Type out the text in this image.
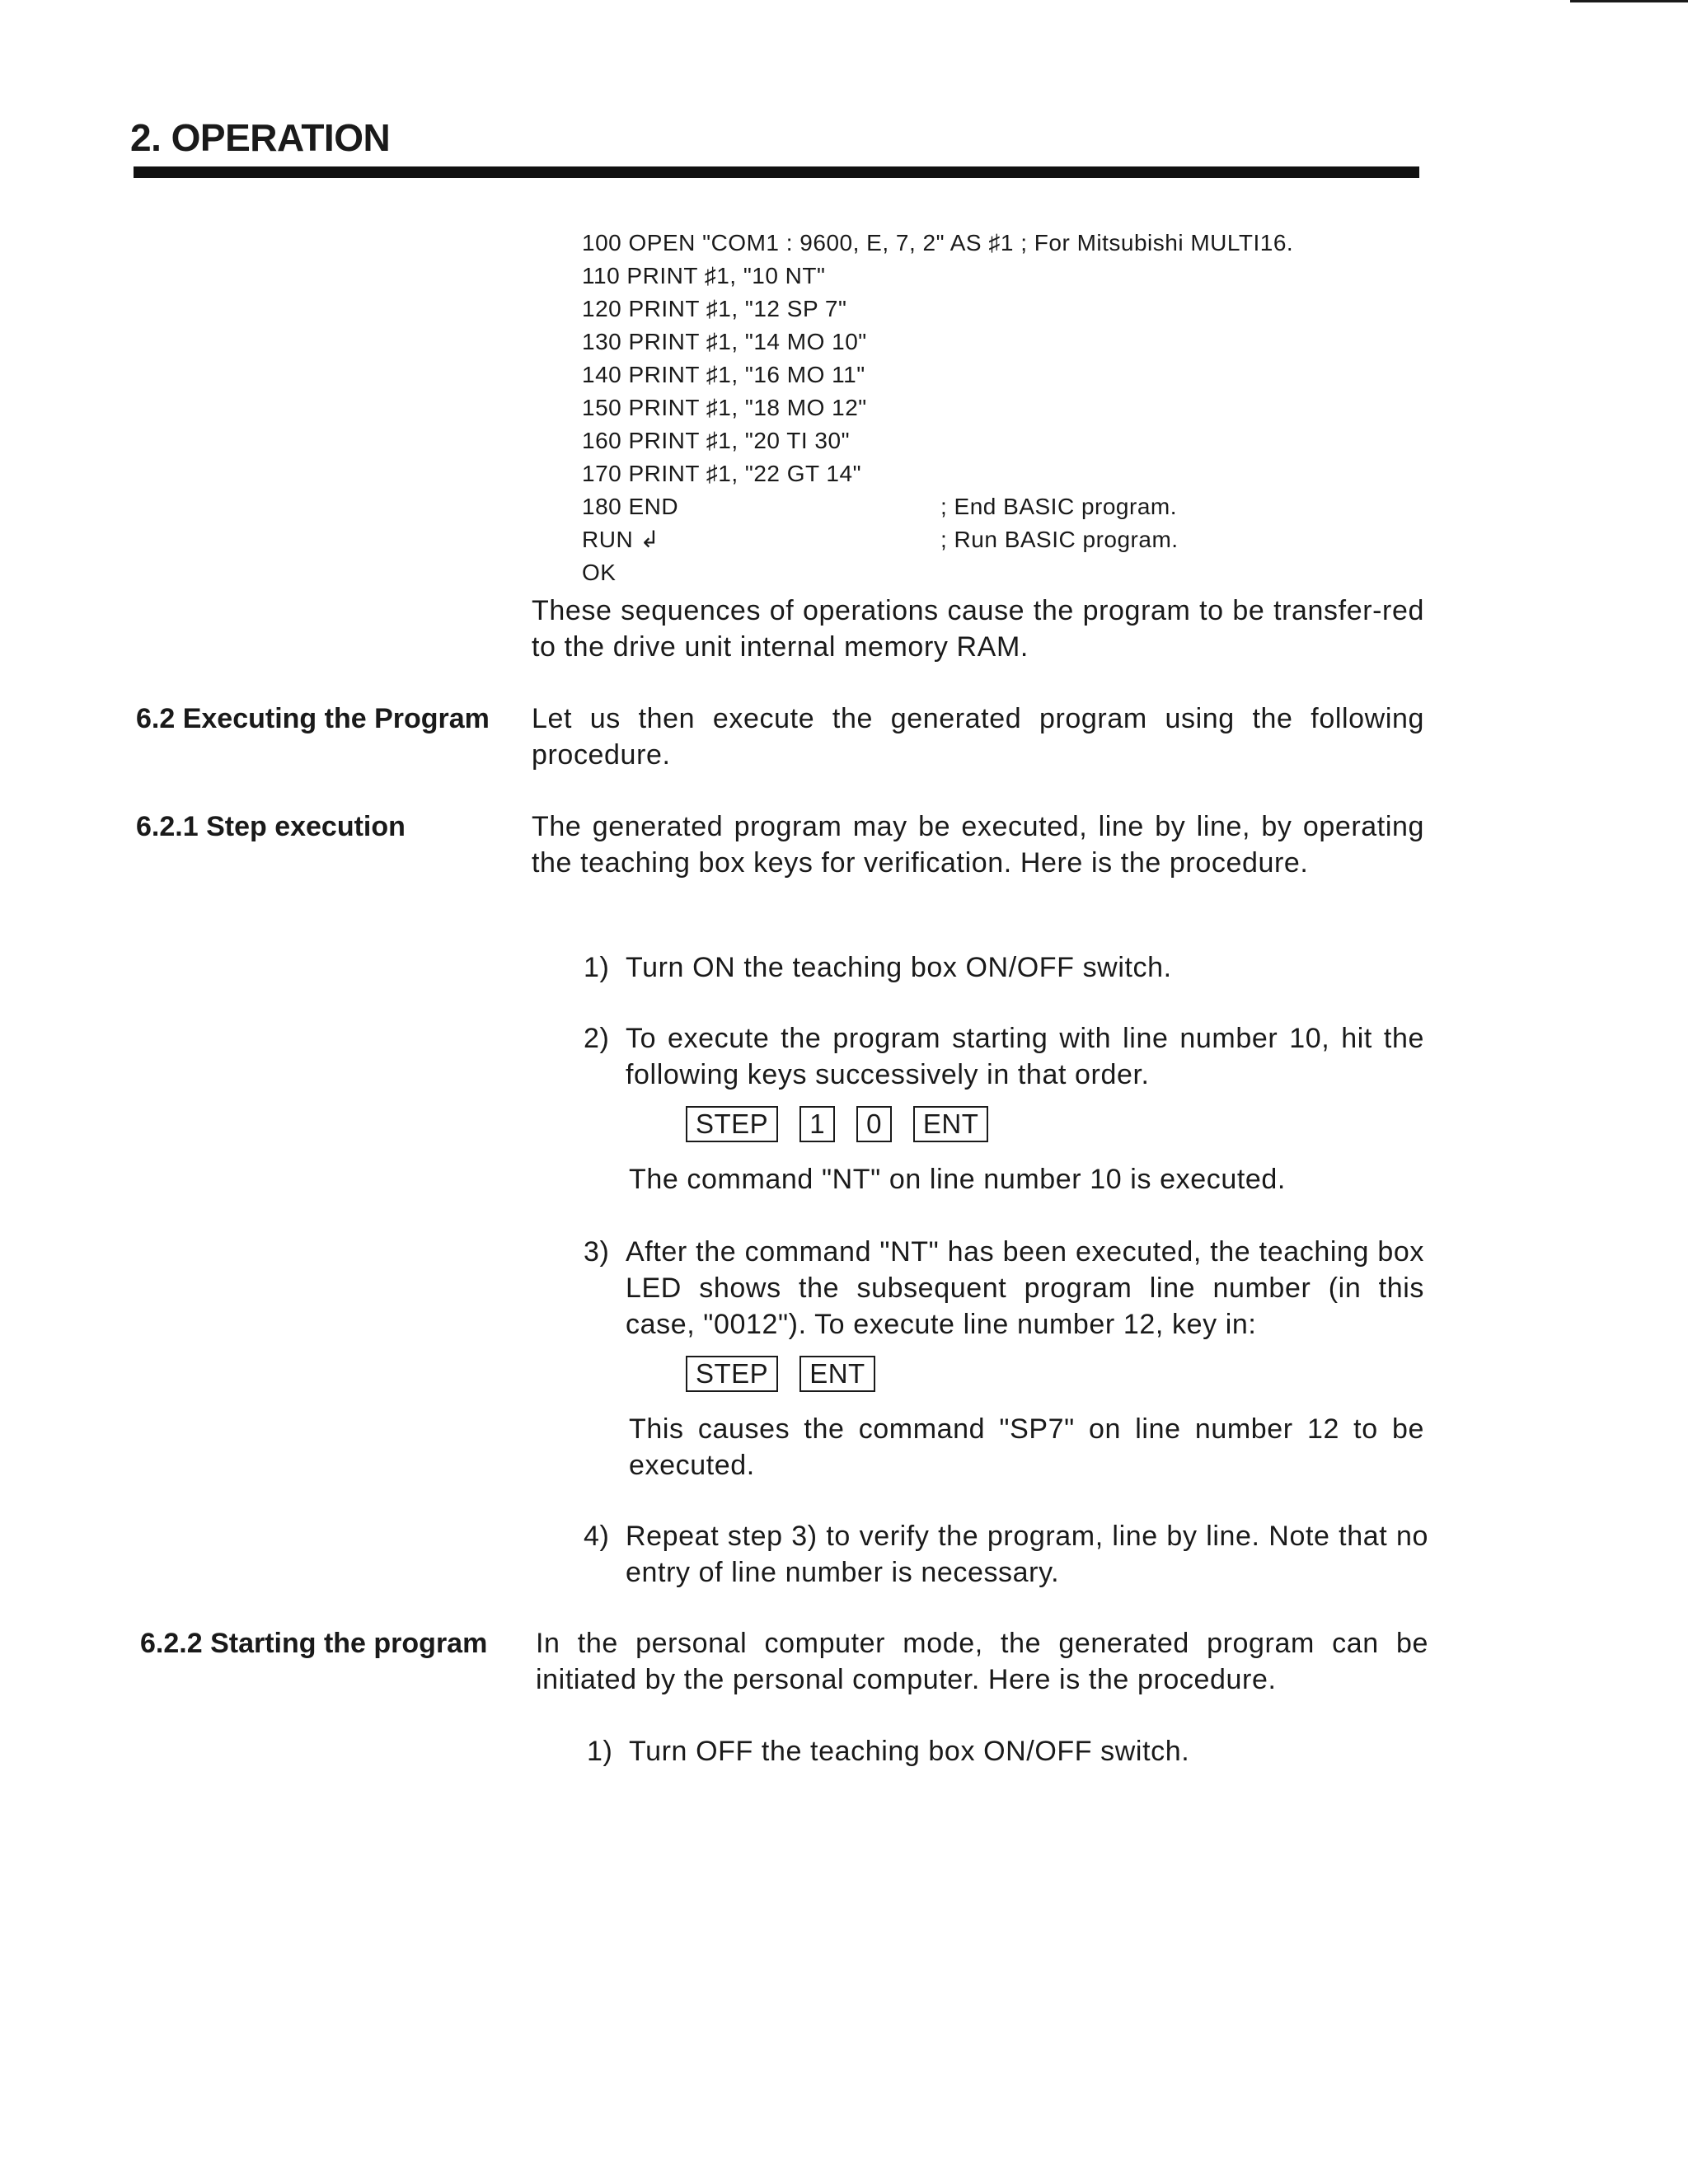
2. OPERATION
100 OPEN "COM1 : 9600, E, 7, 2" AS ♯1 ; For Mitsubishi MULTI16.
110 PRINT ♯1, "10 NT"
120 PRINT ♯1, "12 SP 7"
130 PRINT ♯1, "14 MO 10"
140 PRINT ♯1, "16 MO 11"
150 PRINT ♯1, "18 MO 12"
160 PRINT ♯1, "20 TI 30"
170 PRINT ♯1, "22 GT 14"
180 END	; End BASIC program.
RUN ↲	; Run BASIC program.
OK
These sequences of operations cause the program to be transfer-red to the drive unit internal memory RAM.
6.2 Executing the Program Let us then execute the generated program using the following procedure.
6.2.1 Step execution	The generated program may be executed, line by line, by operating the teaching box keys for verification. Here is the procedure.
1) Turn ON the teaching box ON/OFF switch.
2) To execute the program starting with line number 10, hit the following keys successively in that order.
STEP	1	0	ENT
The command "NT" on line number 10 is executed.
3) After the command "NT" has been executed, the teaching box LED shows the subsequent program line number (in this case, "0012"). To execute line number 12, key in:
STEP	ENT
This causes the command "SP7" on line number 12 to be executed.
4) Repeat step 3) to verify the program, line by line. Note that no entry of line number is necessary.
6.2.2 Starting the program In the personal computer mode, the generated program can be initiated by the personal computer. Here is the procedure.
1) Turn OFF the teaching box ON/OFF switch.
